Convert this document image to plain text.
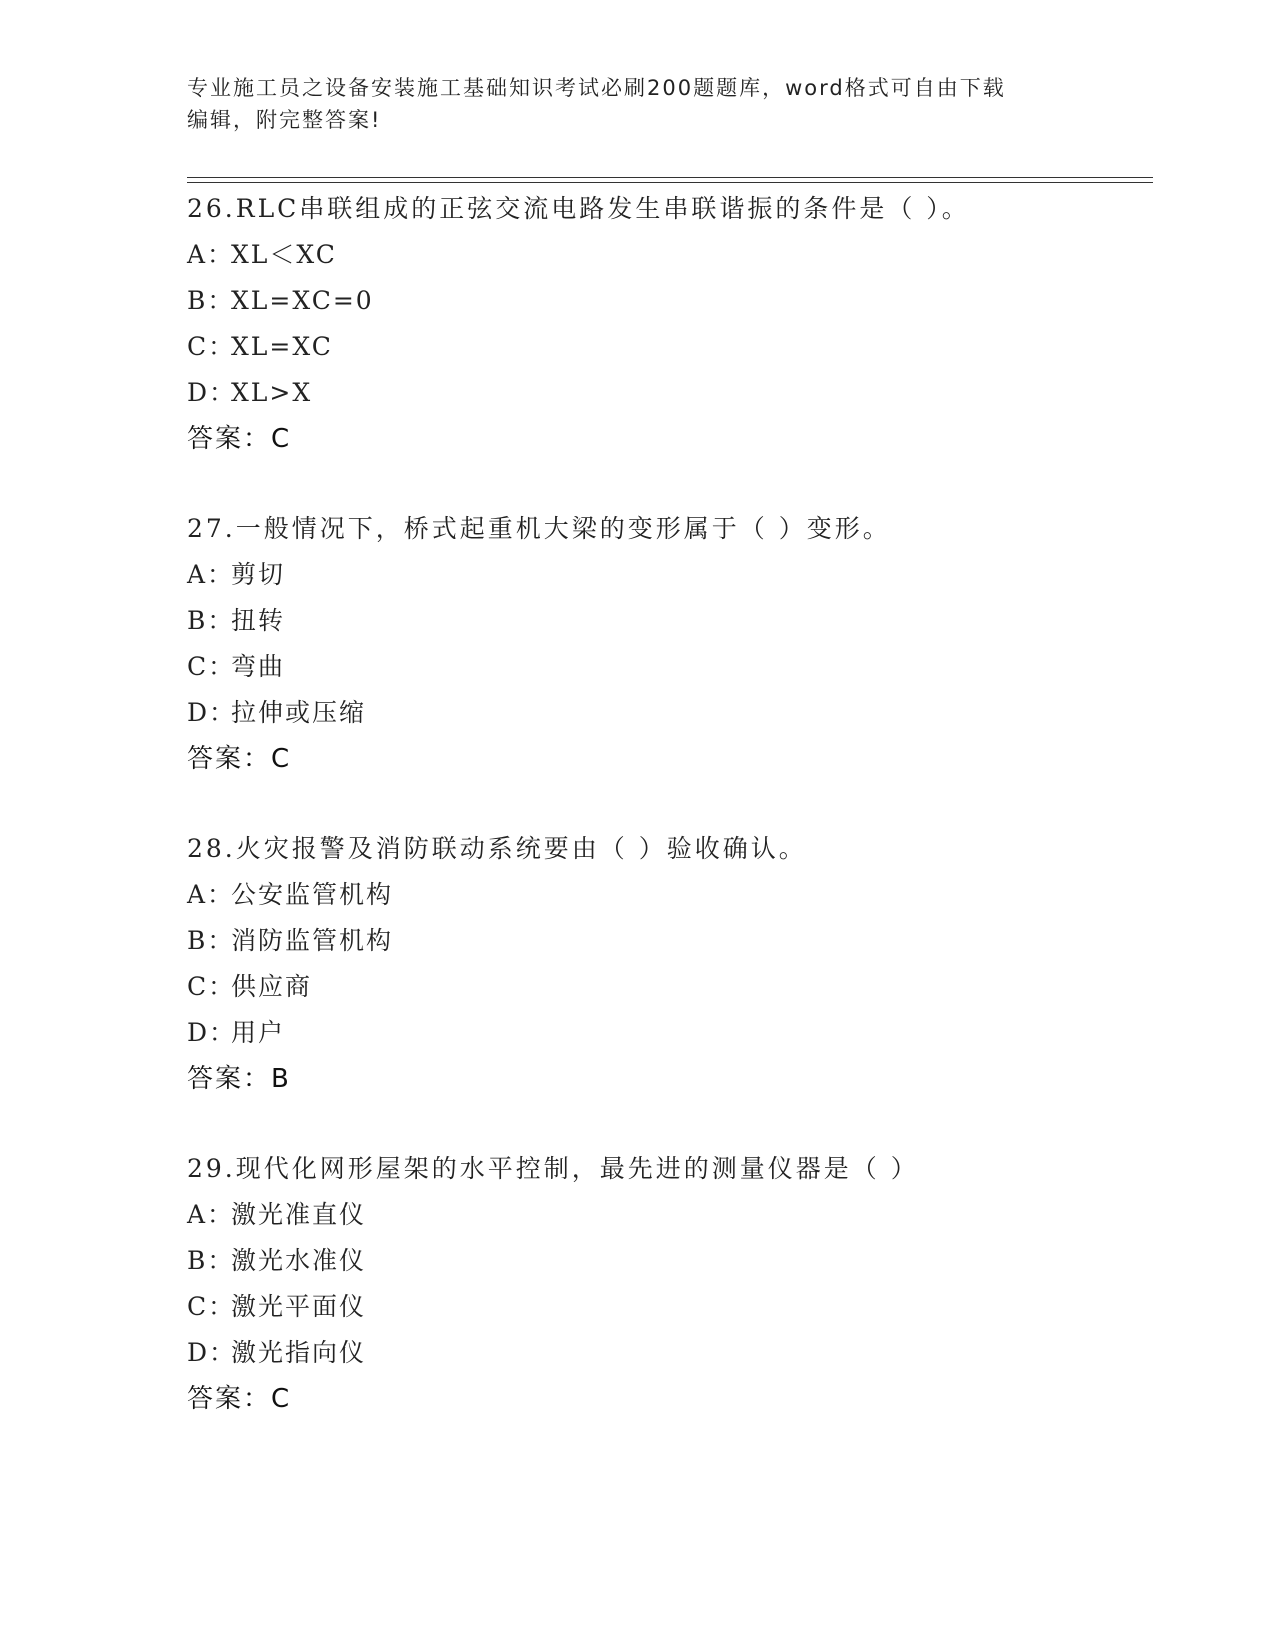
专业施工员之设备安装施工基础知识考试必刷200题题库，word格式可自由下载
编辑，附完整答案!
26.RLC串联组成的正弦交流电路发生串联谐振的条件是（ ）。
A：XL＜XC
B：XL=XC=0
C：XL=XC
D：XL>X
答案：C
27.一般情况下，桥式起重机大梁的变形属于（ ）变形。
A：剪切
B：扭转
C：弯曲
D：拉伸或压缩
答案：C
28.火灾报警及消防联动系统要由（ ）验收确认。
A：公安监管机构
B：消防监管机构
C：供应商
D：用户
答案：B
29.现代化网形屋架的水平控制，最先进的测量仪器是（ ）
A：激光准直仪
B：激光水准仪
C：激光平面仪
D：激光指向仪
答案：C
